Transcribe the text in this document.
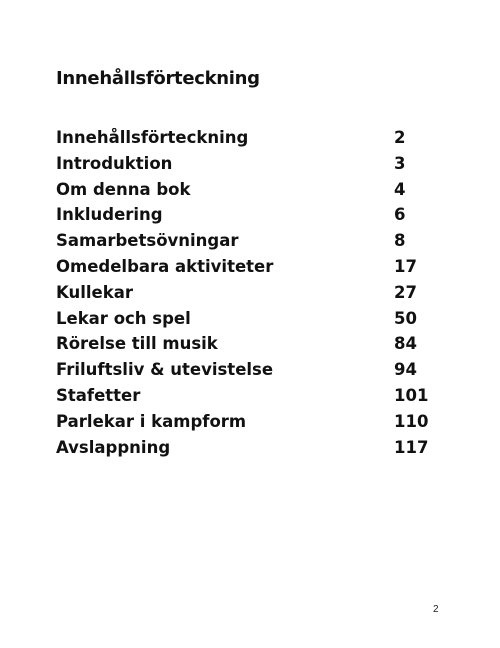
Innehållsförteckning
Innehållsförteckning	2
Introduktion	3
Om denna bok	4
Inkludering	6
Samarbetsövningar	8
Omedelbara aktiviteter	17
Kullekar	27
Lekar och spel	50
Rörelse till musik	84
Friluftsliv & utevistelse	94
Stafetter	101
Parlekar i kampform	110
Avslappning	117
2
